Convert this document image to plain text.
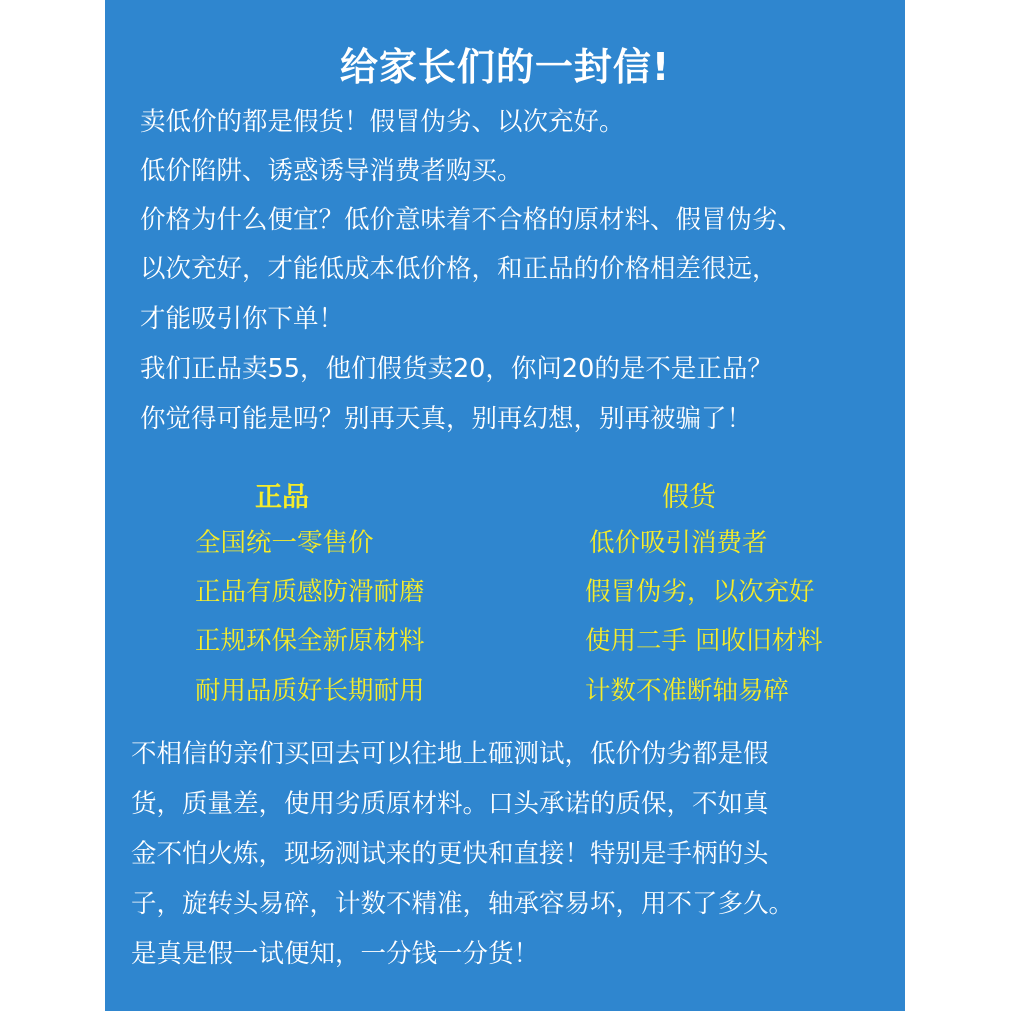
给家长们的一封信!
卖低价的都是假货！假冒伪劣、以次充好。
低价陷阱、诱惑诱导消费者购买。
价格为什么便宜？低价意味着不合格的原材料、假冒伪劣、
以次充好，才能低成本低价格，和正品的价格相差很远，
才能吸引你下单！
我们正品卖55，他们假货卖20，你问20的是不是正品？
你觉得可能是吗？别再天真，别再幻想，别再被骗了！
正品	假货
全国统一零售价
正品有质感防滑耐磨
正规环保全新原材料
耐用品质好长期耐用
低价吸引消费者
假冒伪劣，以次充好
使用二手 回收旧材料
计数不准断轴易碎
不相信的亲们买回去可以往地上砸测试，低价伪劣都是假
货，质量差，使用劣质原材料。口头承诺的质保，不如真
金不怕火炼，现场测试来的更快和直接！特别是手柄的头
子，旋转头易碎，计数不精准，轴承容易坏，用不了多久。
是真是假一试便知，一分钱一分货！
